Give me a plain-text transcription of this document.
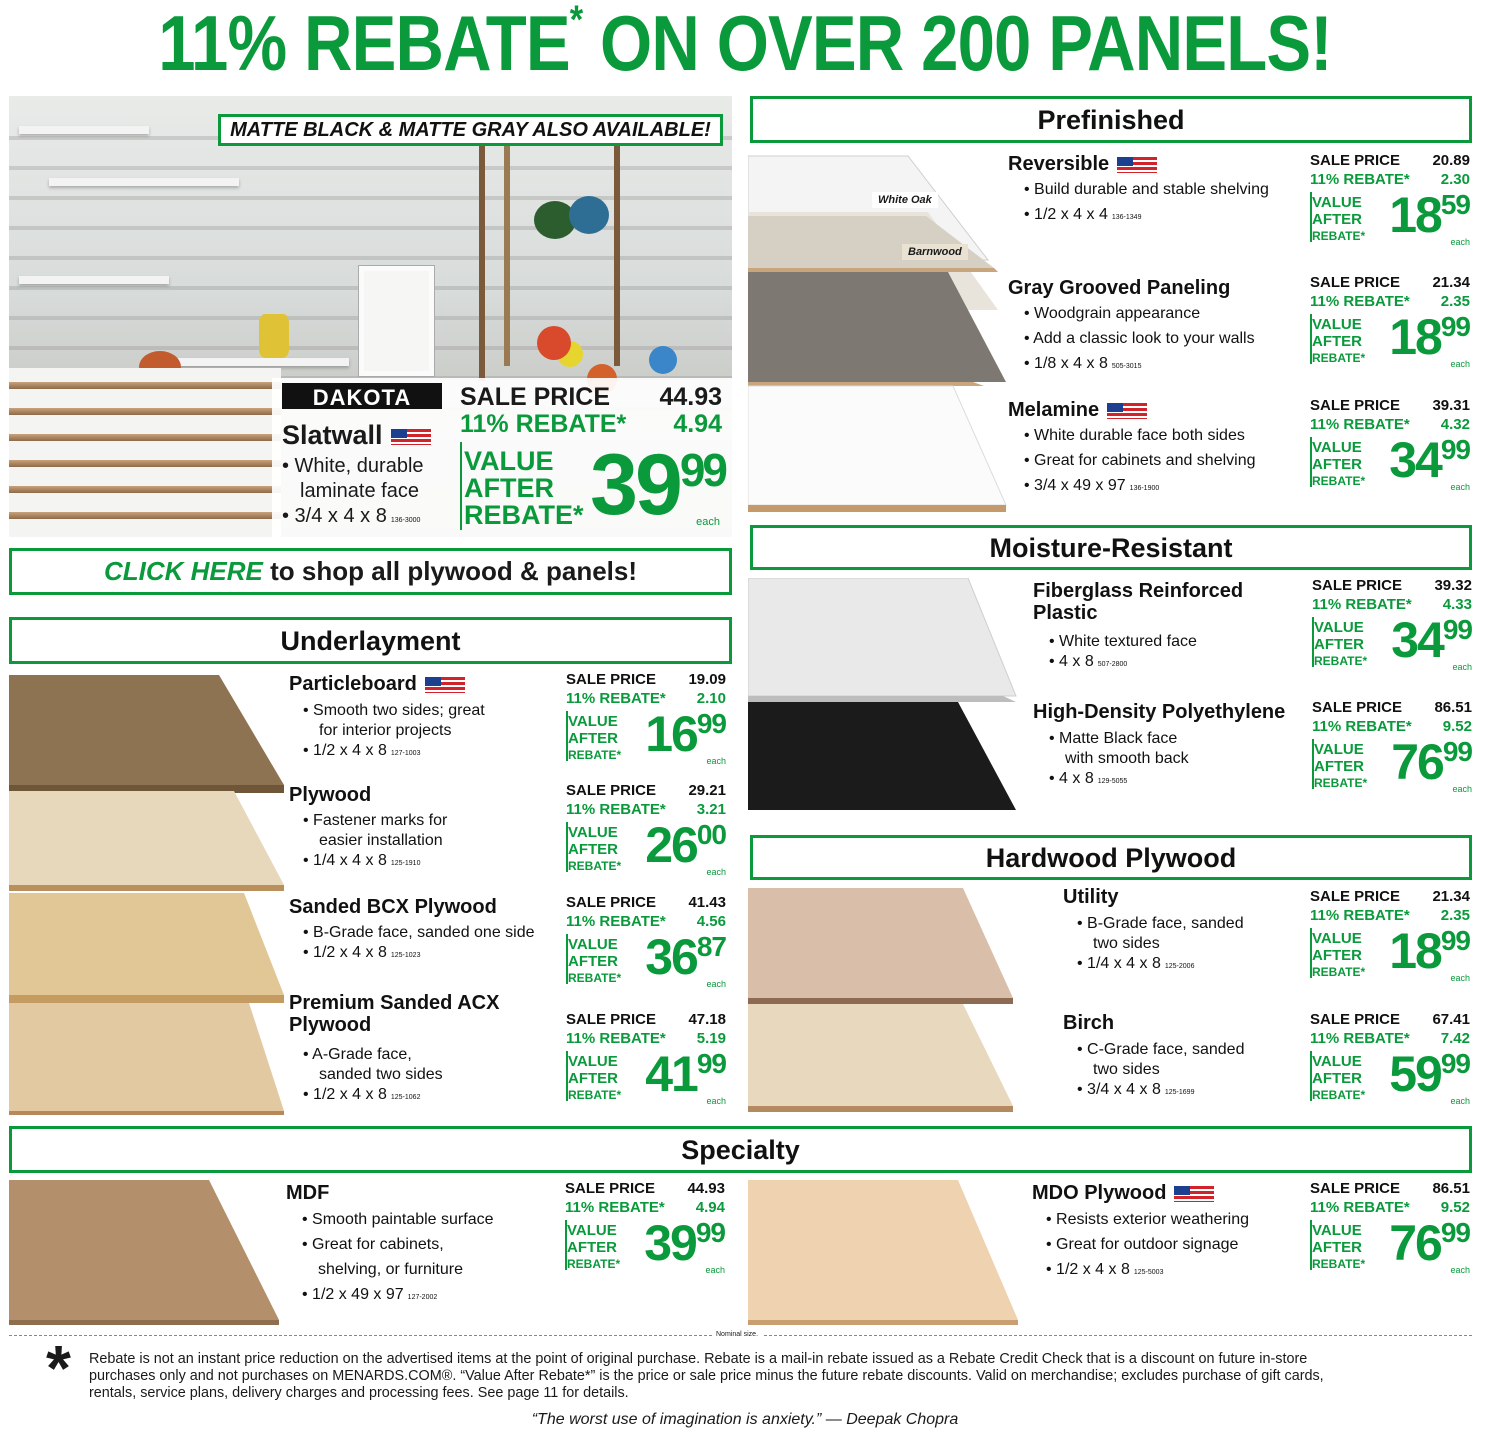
11% REBATE* ON OVER 200 PANELS!
MATTE BLACK & MATTE GRAY ALSO AVAILABLE!
DAKOTA
Slatwall
• White, durable
laminate face
• 3/4 x 4 x 8 136-3000
SALE PRICE 44.93
11% REBATE* 4.94
VALUE
AFTER
REBATE* $39^{99}$
each
CLICK HERE to shop all plywood & panels!
Prefinished
Underlayment
Moisture-Resistant
Hardwood Plywood
Specialty
White Oak
Barnwood
Reversible
• Build durable and stable shelving
• 1/2 x 4 x 4 136-1349
SALE PRICE 20.89
11% REBATE* 2.30
VALUE
AFTER
REBATE* $18^{59}$
each
Gray Grooved Paneling
• Woodgrain appearance
• Add a classic look to your walls
• 1/8 x 4 x 8 505-3015
SALE PRICE 21.34
11% REBATE* 2.35
VALUE
AFTER
REBATE* $18^{99}$
each
Melamine
• White durable face both sides
• Great for cabinets and shelving
• 3/4 x 49 x 97 136-1900
SALE PRICE 39.31
11% REBATE* 4.32
VALUE
AFTER
REBATE* $34^{99}$
each
Particleboard
• Smooth two sides; great
for interior projects
• 1/2 x 4 x 8 127-1003
SALE PRICE 19.09
11% REBATE* 2.10
VALUE
AFTER
REBATE* $16^{99}$
each
Plywood
• Fastener marks for
easier installation
• 1/4 x 4 x 8 125-1910
SALE PRICE 29.21
11% REBATE* 3.21
VALUE
AFTER
REBATE* $26^{00}$
each
Sanded BCX Plywood
• B-Grade face, sanded one side
• 1/2 x 4 x 8 125-1023
SALE PRICE 41.43
11% REBATE* 4.56
VALUE
AFTER
REBATE* $36^{87}$
each
Premium Sanded ACX
Plywood
• A-Grade face,
sanded two sides
• 1/2 x 4 x 8 125-1062
SALE PRICE 47.18
11% REBATE* 5.19
VALUE
AFTER
REBATE* $41^{99}$
each
Fiberglass Reinforced
Plastic
• White textured face
• 4 x 8 507-2800
SALE PRICE 39.32
11% REBATE* 4.33
VALUE
AFTER
REBATE* $34^{99}$
each
High-Density Polyethylene
• Matte Black face
with smooth back
• 4 x 8 129-5055
SALE PRICE 86.51
11% REBATE* 9.52
VALUE
AFTER
REBATE* $76^{99}$
each
Utility
• B-Grade face, sanded
two sides
• 1/4 x 4 x 8 125-2006
SALE PRICE 21.34
11% REBATE* 2.35
VALUE
AFTER
REBATE* $18^{99}$
each
Birch
• C-Grade face, sanded
two sides
• 3/4 x 4 x 8 125-1699
SALE PRICE 67.41
11% REBATE* 7.42
VALUE
AFTER
REBATE* $59^{99}$
each
MDF
• Smooth paintable surface
• Great for cabinets,
shelving, or furniture
• 1/2 x 49 x 97 127-2002
SALE PRICE 44.93
11% REBATE* 4.94
VALUE
AFTER
REBATE* $39^{99}$
each
MDO Plywood
• Resists exterior weathering
• Great for outdoor signage
• 1/2 x 4 x 8 125-5003
SALE PRICE 86.51
11% REBATE* 9.52
VALUE
AFTER
REBATE* $76^{99}$
each
Nominal size.
* Rebate is not an instant price reduction on the advertised items at the point of original purchase. Rebate is a mail-in rebate issued as a Rebate Credit Check that is a discount on future in-store
purchases only and not purchases on MENARDS.COM®. “Value After Rebate*” is the price or sale price minus the future rebate discounts. Valid on merchandise; excludes purchase of gift cards,
rentals, service plans, delivery charges and processing fees. See page 11 for details.
“The worst use of imagination is anxiety.” — Deepak Chopra
